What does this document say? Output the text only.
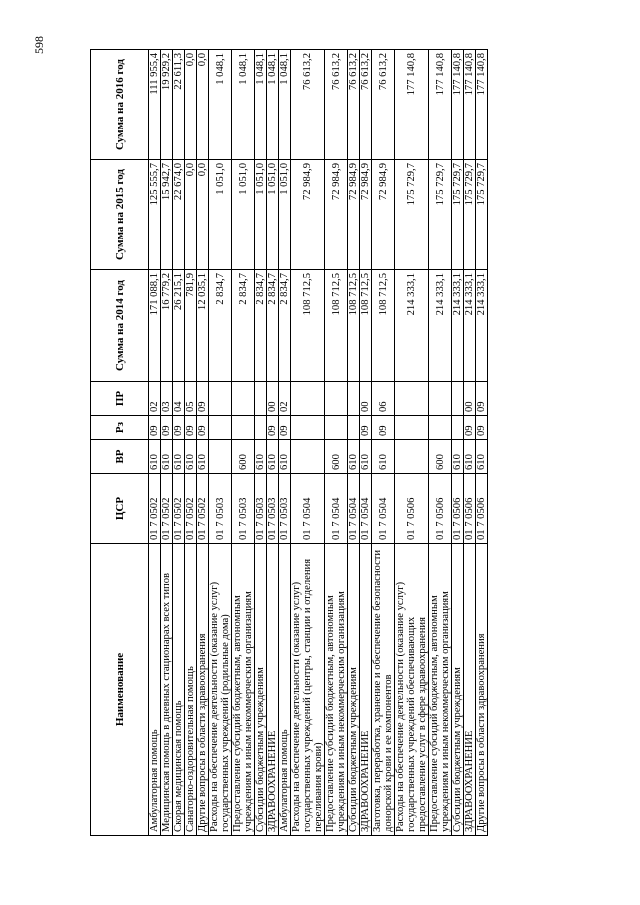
598
Наименование	ЦСР	ВР	Рз	ПР	Сумма на 2014 год	Сумма на 2015 год	Сумма на 2016 год
Амбулаторная помощь	01 7 0502	610	09	02	171 088,1	125 555,7	111 955,4
Медицинская помощь в дневных стационарах всех типов	01 7 0502	610	09	03	16 779,2	15 942,7	19 929,2
Скорая медицинская помощь	01 7 0502	610	09	04	26 215,1	22 674,0	22 611,3
Санаторно-оздоровительная помощь	01 7 0502	610	09	05	781,9	0,0	0,0
Другие вопросы в области здравоохранения	01 7 0502	610	09	09	12 035,1	0,0	0,0
Расходы на обеспечение деятельности (оказание услуг) государственных учреждений (родильные дома)	01 7 0503				2 834,7	1 051,0	1 048,1
Предоставление субсидий бюджетным, автономным учреждениям и иным некоммерческим организациям	01 7 0503	600			2 834,7	1 051,0	1 048,1
Субсидии бюджетным учреждениям	01 7 0503	610			2 834,7	1 051,0	1 048,1
ЗДРАВООХРАНЕНИЕ	01 7 0503	610	09	00	2 834,7	1 051,0	1 048,1
Амбулаторная помощь	01 7 0503	610	09	02	2 834,7	1 051,0	1 048,1
Расходы на обеспечение деятельности (оказание услуг) государственных учреждений (центры, станции и отделения переливания крови)	01 7 0504				108 712,5	72 984,9	76 613,2
Предоставление субсидий бюджетным, автономным учреждениям и иным некоммерческим организациям	01 7 0504	600			108 712,5	72 984,9	76 613,2
Субсидии бюджетным учреждениям	01 7 0504	610			108 712,5	72 984,9	76 613,2
ЗДРАВООХРАНЕНИЕ	01 7 0504	610	09	00	108 712,5	72 984,9	76 613,2
Заготовка, переработка, хранение и обеспечение безопасности донорской крови и ее компонентов	01 7 0504	610	09	06	108 712,5	72 984,9	76 613,2
Расходы на обеспечение деятельности (оказание услуг) государственных учреждений обеспечивающих предоставление услуг в сфере здравоохранения	01 7 0506				214 333,1	175 729,7	177 140,8
Предоставление субсидий бюджетным, автономным учреждениям и иным некоммерческим организациям	01 7 0506	600			214 333,1	175 729,7	177 140,8
Субсидии бюджетным учреждениям	01 7 0506	610			214 333,1	175 729,7	177 140,8
ЗДРАВООХРАНЕНИЕ	01 7 0506	610	09	00	214 333,1	175 729,7	177 140,8
Другие вопросы в области здравоохранения	01 7 0506	610	09	09	214 333,1	175 729,7	177 140,8
